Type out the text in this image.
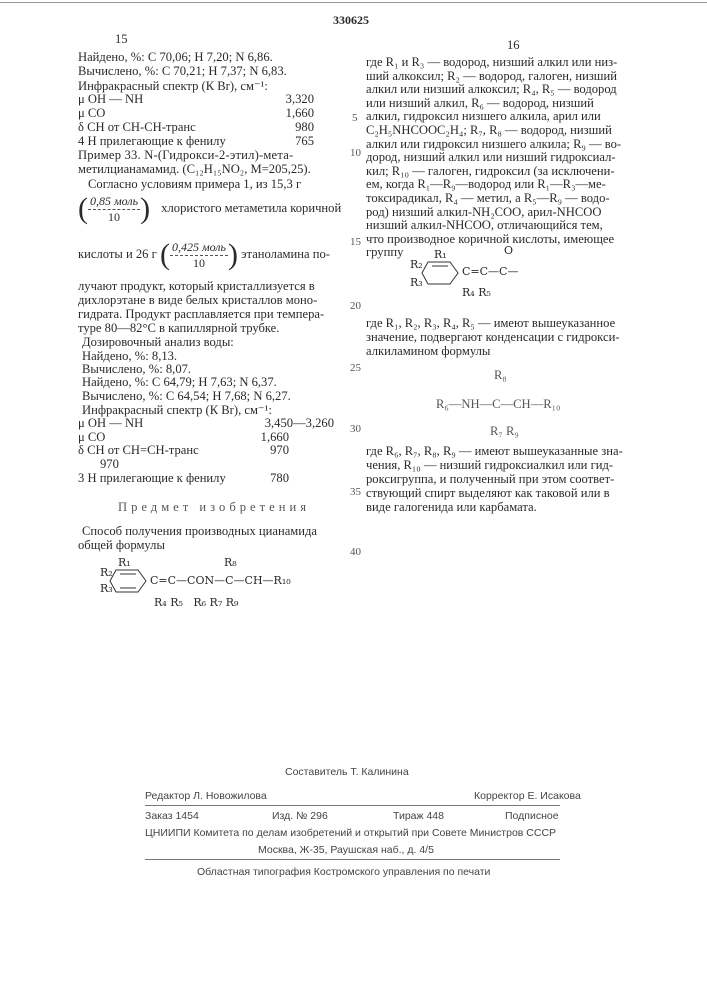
330625
15	16
Найдено, %: С 70,06; Н 7,20; N 6,86.
Вычислено, %: С 70,21; Н 7,37; N 6,83.
Инфракрасный спектр (К Вr), см⁻¹:
μ OH — NH	3,320
μ CO	1,660
δ CH от CH-CH-транс	980
4 H прилегающие к фенилу	765
Пример 33. N-(Гидрокси-2-этил)-мета-
метилцианамамид. (C₁₂H₁₅NO₂, M=205,25).
Согласно условиям примера 1, из 15,3 г
( 0,85 моль
10 ) хлористого метаметила коричной
кислоты и 26 г ( 0,425 моль
10 ) этаноламина по-
лучают продукт, который кристаллизуется в
дихлорэтане в виде белых кристаллов моно-
гидрата. Продукт расплавляется при темпера-
туре 80—82°С в капиллярной трубке.
Дозировочный анализ воды:
Найдено, %: 8,13.
Вычислено, %: 8,07.
Найдено, %: С 64,79; Н 7,63; N 6,37.
Вычислено, %: С 64,54; Н 7,68; N 6,27.
Инфракрасный спектр (К Вr), см⁻¹:
μ OH — NH	3,450—3,260
μ CO	1,660
δ CH от CH=CH-транс	970
970
3 H прилегающие к фенилу	780
Предмет изобретения
Способ получения производных цианамида
общей формулы
R₁
R₂
R₃
R₈
C=C—CON—C—CH—R₁₀
R₄ R₅   R₆ R₇ R₉
5
10
15
20
25
30
35
40
где R₁ и R₃ — водород, низший алкил или низ-
ший алкоксил; R₂ — водород, галоген, низший
алкил или низший алкоксил; R₄, R₅ — водород
или низший алкил, R₆ — водород, низший
алкил, гидроксил низшего алкила, арил или
C₂H₅NHCOOC₂H₄; R₇, R₈ — водород, низший
алкил или гидроксил низшего алкила; R₉ — во-
дород, низший алкил или низший гидроксиал-
кил; R₁₀ — галоген, гидроксил (за исключени-
ем, когда R₁—R₉—водород или R₁—R₃—ме-
токсирадикал, R₄ — метил, а R₅—R₉ — водо-
род) низший алкил-NH₂COO, арил-NHCOO
низший алкил-NHCOO, отличающийся тем,
что производное коричной кислоты, имеющее
группу
где R₁, R₂, R₃, R₄, R₅ — имеют вышеуказанное
значение, подвергают конденсации с гидрокси-
алкиламином формулы
где R₆, R₇, R₈, R₉ — имеют вышеуказанные зна-
чения, R₁₀ — низший гидроксиалкил или гид-
роксигруппа, и полученный при этом соответ-
ствующий спирт выделяют как таковой или в
виде галогенида или карбамата.
R₁
R₂
R₃
O
C=C—C—
R₄ R₅
R₈
R₆—NH—C—CH—R₁₀
R₇ R₉
Составитель Т. Калинина
Редактор Л. Новожилова	Корректор Е. Исакова
Заказ 1454	Изд. № 296	Тираж 448	Подписное
ЦНИИПИ Комитета по делам изобретений и открытий при Совете Министров СССР
Москва, Ж-35, Раушская наб., д. 4/5
Областная типография Костромского управления по печати
